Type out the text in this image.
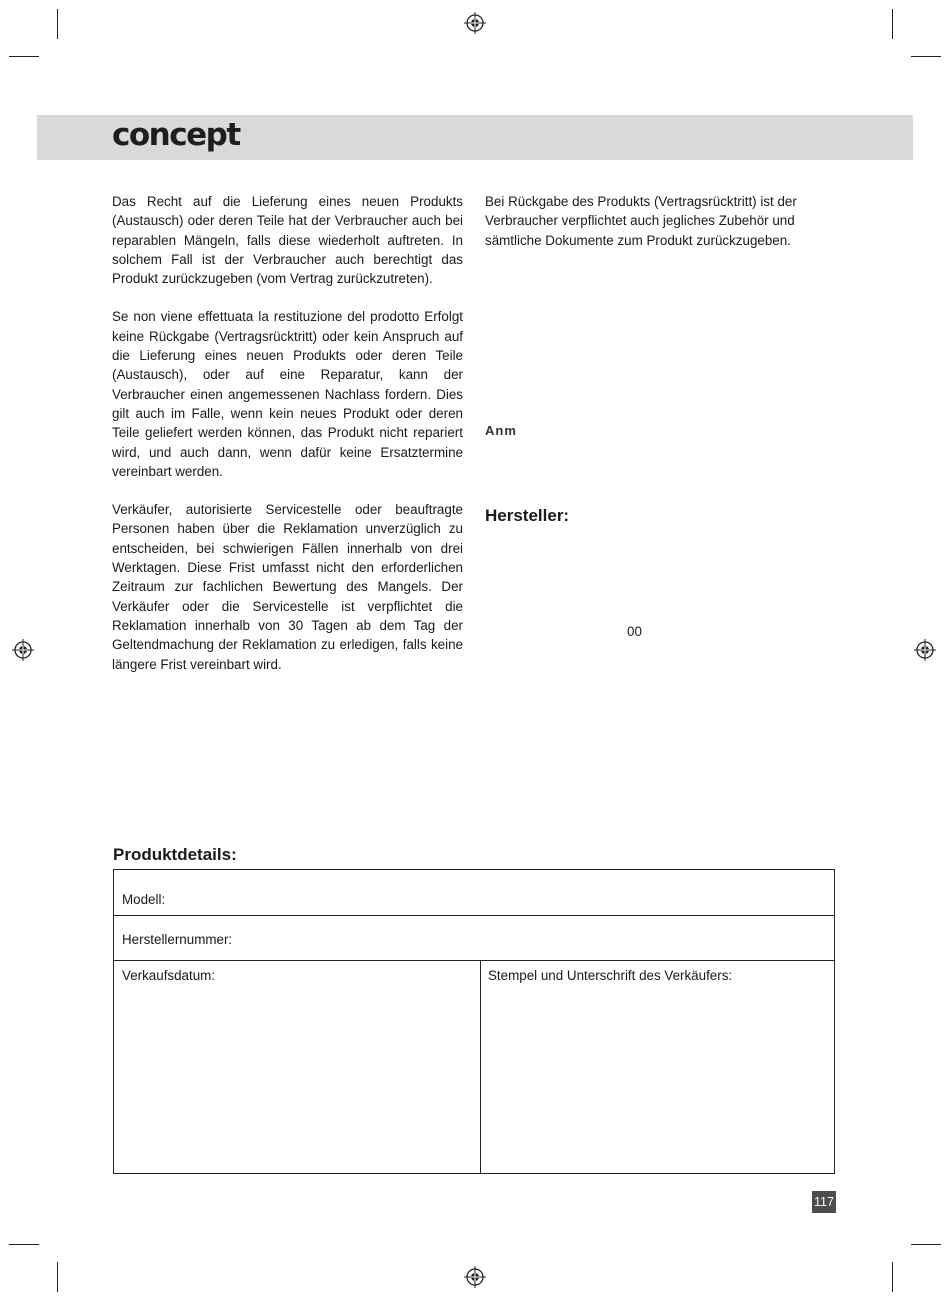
concept

Das Recht auf die Lieferung eines neuen Produkts (Austausch) oder deren Teile hat der Verbraucher auch bei reparablen Mängeln, falls diese wiederholt auftreten. In solchem Fall ist der Verbraucher auch berechtigt das Produkt zurückzugeben (vom Vertrag zurückzutreten).

Se non viene effettuata la restituzione del prodotto Erfolgt keine Rückgabe (Vertragsrücktritt) oder kein Anspruch auf die Lieferung eines neuen Produkts oder deren Teile (Austausch), oder auf eine Reparatur, kann der Verbraucher einen angemessenen Nachlass fordern. Dies gilt auch im Falle, wenn kein neues Produkt oder deren Teile geliefert werden können, das Produkt nicht repariert wird, und auch dann, wenn dafür keine Ersatztermine vereinbart werden.

Verkäufer, autorisierte Servicestelle oder beauftragte Personen haben über die Reklamation unverzüglich zu entscheiden, bei schwierigen Fällen innerhalb von drei Werktagen. Diese Frist umfasst nicht den erforderlichen Zeitraum zur fachlichen Bewertung des Mangels. Der Verkäufer oder die Servicestelle ist verpflichtet die Reklamation innerhalb von 30 Tagen ab dem Tag der Geltendmachung der Reklamation zu erledigen, falls keine längere Frist vereinbart wird.

Bei Rückgabe des Produkts (Vertragsrücktritt) ist der Verbraucher verpflichtet auch jegliches Zubehör und sämtliche Dokumente zum Produkt zurückzugeben.

Anm
Hersteller:
00
Produktdetails:
Modell:
Herstellernummer:
Verkaufsdatum:	Stempel und Unterschrift des Verkäufers:
117
